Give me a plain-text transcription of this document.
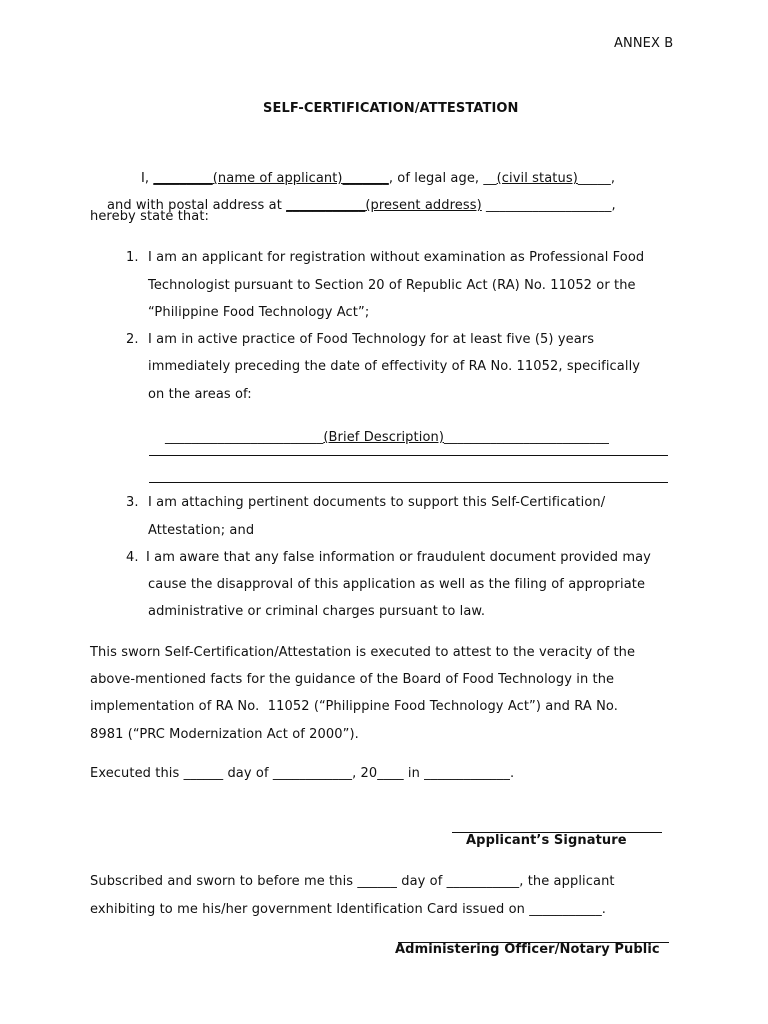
ANNEX B
SELF-CERTIFICATION/ATTESTATION

I, _________(name of applicant)_______, of legal age, __(civil status)_____,

and with postal address at ____________(present address) ___________________,

hereby state that:
1. I am an applicant for registration without examination as Professional Food
Technologist pursuant to Section 20 of Republic Act (RA) No. 11052 or the
“Philippine Food Technology Act”;
2. I am in active practice of Food Technology for at least five (5) years
immediately preceding the date of effectivity of RA No. 11052, specifically
on the areas of:

________________________(Brief Description)_________________________

3. I am attaching pertinent documents to support this Self-Certification/
Attestation; and
4. I am aware that any false information or fraudulent document provided may
cause the disapproval of this application as well as the filing of appropriate
administrative or criminal charges pursuant to law.
This sworn Self-Certification/Attestation is executed to attest to the veracity of the
above-mentioned facts for the guidance of the Board of Food Technology in the
implementation of RA No.  11052 (“Philippine Food Technology Act”) and RA No.
8981 (“PRC Modernization Act of 2000”).
Executed this ______ day of ____________, 20____ in _____________.
Applicant’s Signature
Subscribed and sworn to before me this ______ day of ___________, the applicant
exhibiting to me his/her government Identification Card issued on ___________.
Administering Officer/Notary Public
